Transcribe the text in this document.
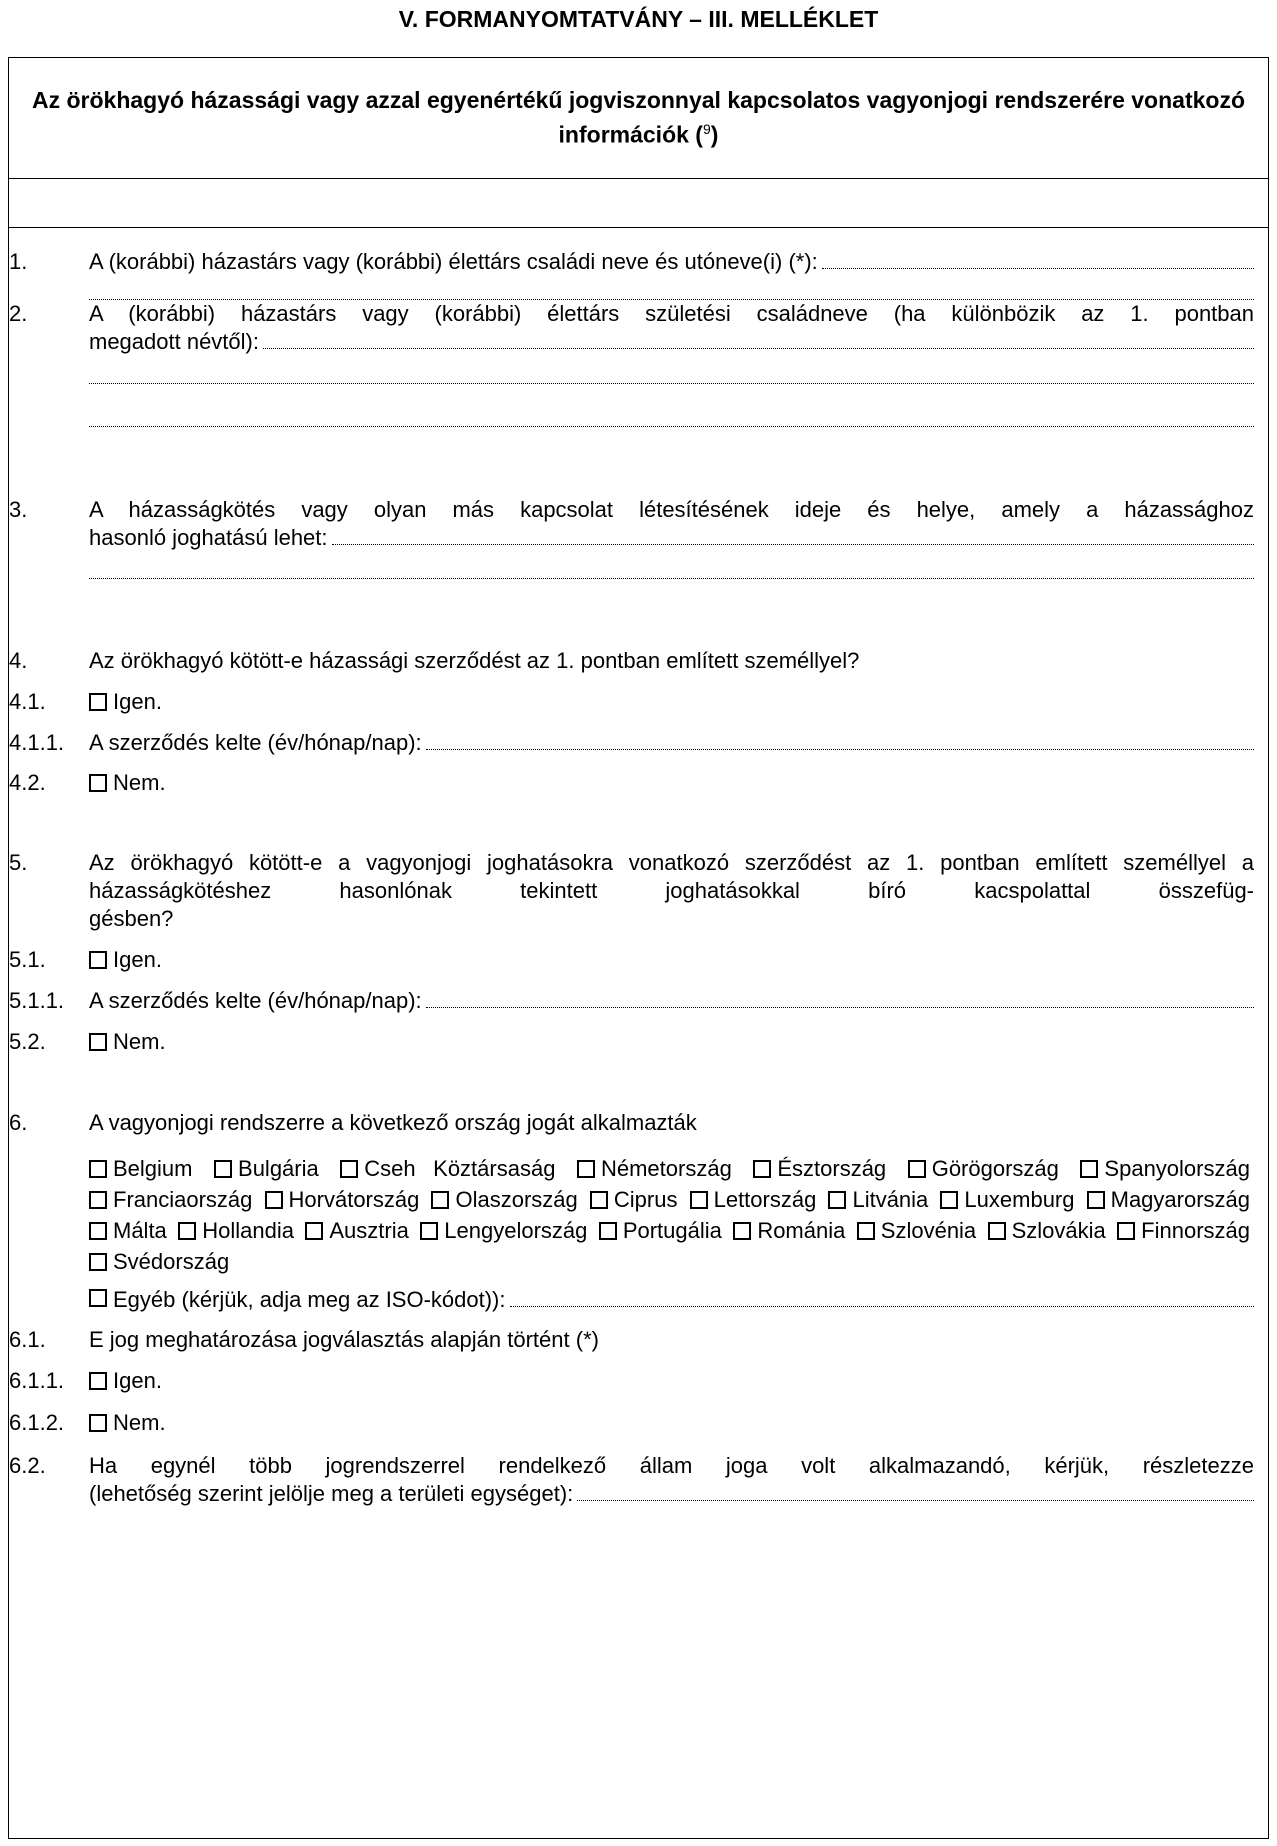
V. FORMANYOMTATVÁNY – III. MELLÉKLET
Az örökhagyó házassági vagy azzal egyenértékű jogviszonnyal kapcsolatos vagyonjogi rendszerére vonatkozó információk ($^9$)
1.	A (korábbi) házastárs vagy (korábbi) élettárs családi neve és utóneve(i) (*):
2.	A (korábbi) házastárs vagy (korábbi) élettárs születési családneve (ha különbözik az 1. pontban
megadott névtől):
3.	A házasságkötés vagy olyan más kapcsolat létesítésének ideje és helye, amely a házassághoz
hasonló joghatású lehet:
4.	Az örökhagyó kötött-e házassági szerződést az 1. pontban említett személlyel?
4.1.	Igen.
4.1.1.	A szerződés kelte (év/hónap/nap):
4.2.	Nem.
5.	Az örökhagyó kötött-e a vagyonjogi joghatásokra vonatkozó szerződést az 1. pontban említett személlyel a házasságkötéshez hasonlónak tekintett joghatásokkal bíró kacspolattal összefüg-
gésben?
5.1.	Igen.
5.1.1.	A szerződés kelte (év/hónap/nap):
5.2.	Nem.
6.	A vagyonjogi rendszerre a következő ország jogát alkalmazták
Belgium Bulgária Cseh Köztársaság Németország Észtország Görögország Spanyolország Franciaország Horvátország Olaszország Ciprus Lettország Litvánia Luxemburg Magyarország Málta Hollandia Ausztria Lengyelország Portugália Románia Szlovénia Szlovákia Finnország Svédország
Egyéb (kérjük, adja meg az ISO-kódot)):
6.1.	E jog meghatározása jogválasztás alapján történt (*)
6.1.1.	Igen.
6.1.2.	Nem.
6.2.	Ha egynél több jogrendszerrel rendelkező állam joga volt alkalmazandó, kérjük, részletezze
(lehetőség szerint jelölje meg a területi egységet):
